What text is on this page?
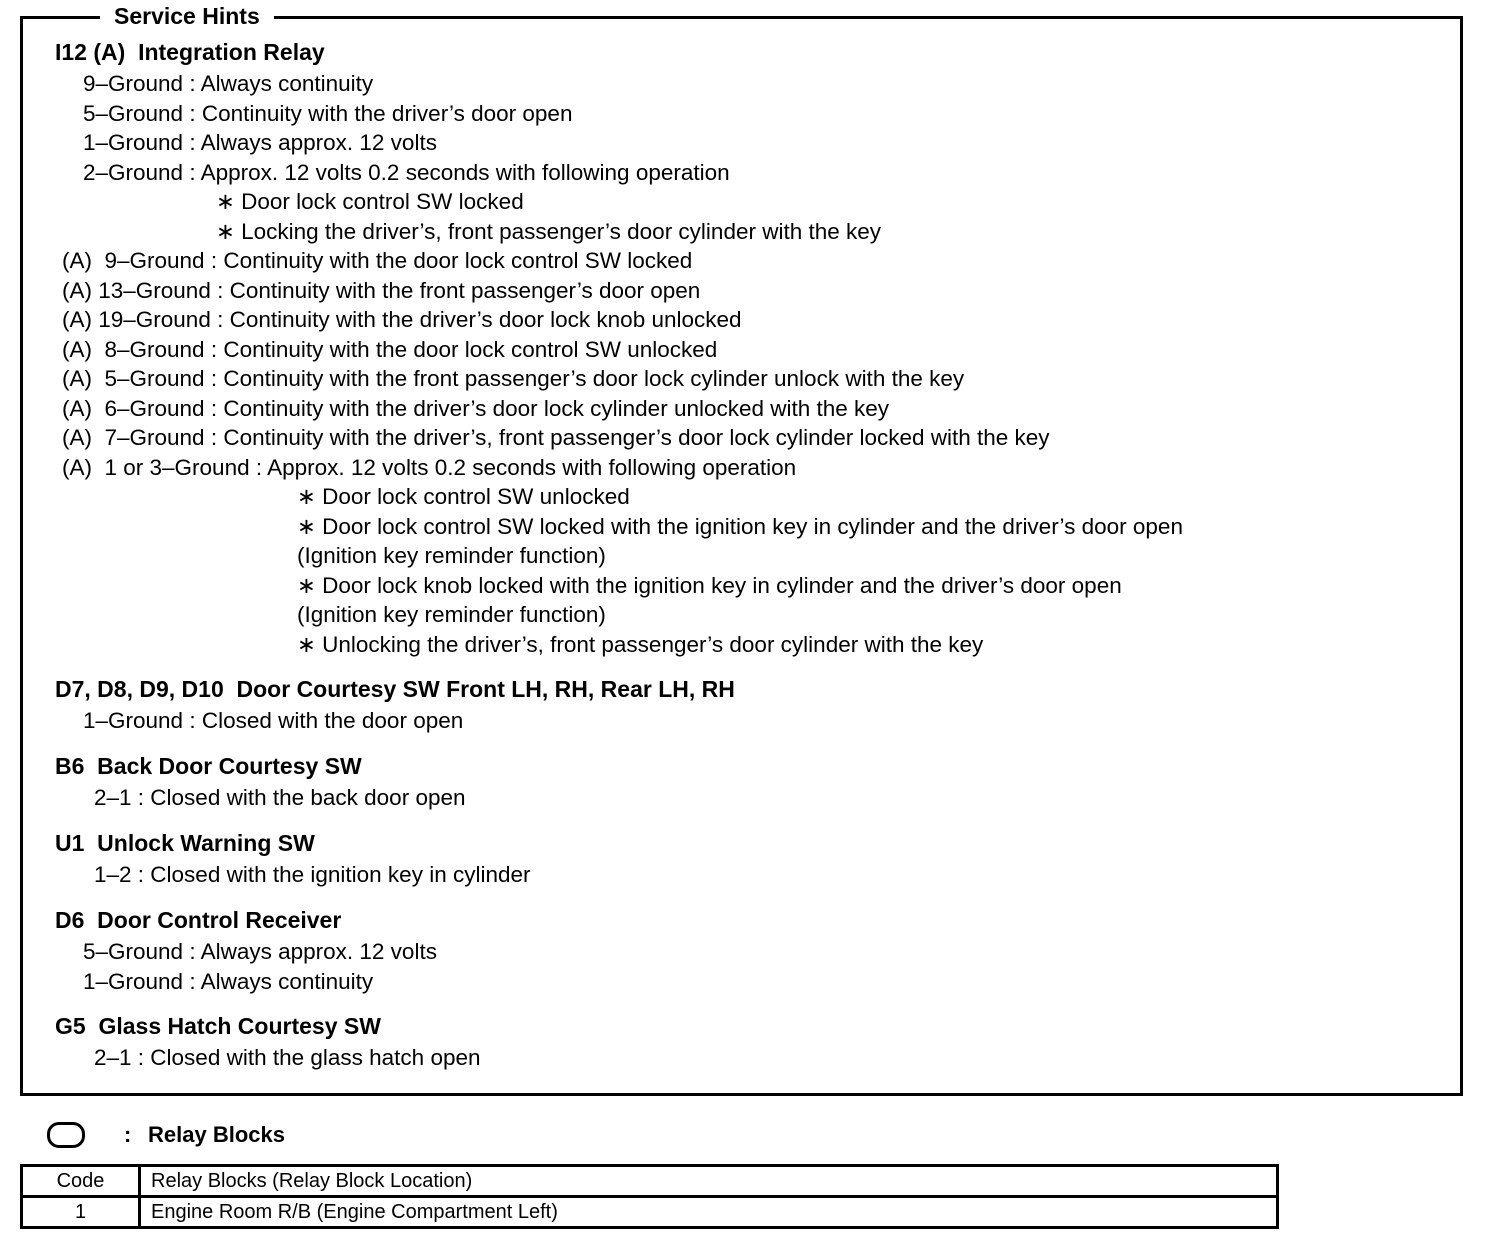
Service Hints
I12 (A)  Integration Relay
9–Ground : Always continuity
5–Ground : Continuity with the driver’s door open
1–Ground : Always approx. 12 volts
2–Ground : Approx. 12 volts 0.2 seconds with following operation
∗ Door lock control SW locked
∗ Locking the driver’s, front passenger’s door cylinder with the key
(A)  9–Ground : Continuity with the door lock control SW locked
(A) 13–Ground : Continuity with the front passenger’s door open
(A) 19–Ground : Continuity with the driver’s door lock knob unlocked
(A)  8–Ground : Continuity with the door lock control SW unlocked
(A)  5–Ground : Continuity with the front passenger’s door lock cylinder unlock with the key
(A)  6–Ground : Continuity with the driver’s door lock cylinder unlocked with the key
(A)  7–Ground : Continuity with the driver’s, front passenger’s door lock cylinder locked with the key
(A)  1 or 3–Ground : Approx. 12 volts 0.2 seconds with following operation
∗ Door lock control SW unlocked
∗ Door lock control SW locked with the ignition key in cylinder and the driver’s door open
(Ignition key reminder function)
∗ Door lock knob locked with the ignition key in cylinder and the driver’s door open
(Ignition key reminder function)
∗ Unlocking the driver’s, front passenger’s door cylinder with the key
D7, D8, D9, D10  Door Courtesy SW Front LH, RH, Rear LH, RH
1–Ground : Closed with the door open
B6  Back Door Courtesy SW
2–1 : Closed with the back door open
U1  Unlock Warning SW
1–2 : Closed with the ignition key in cylinder
D6  Door Control Receiver
5–Ground : Always approx. 12 volts
1–Ground : Always continuity
G5  Glass Hatch Courtesy SW
2–1 : Closed with the glass hatch open
: Relay Blocks
Code	Relay Blocks (Relay Block Location)
1	Engine Room R/B (Engine Compartment Left)
